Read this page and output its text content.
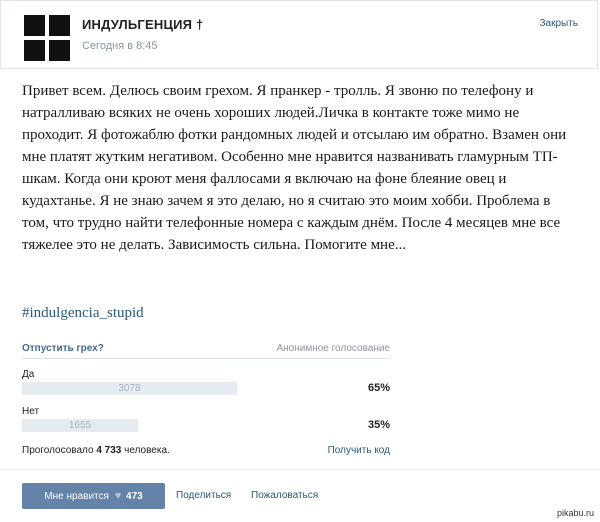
ИНДУЛЬГЕНЦИЯ †
Сегодня в 8:45
Закрыть
Привет всем. Делюсь своим грехом. Я пранкер - тролль. Я звоню по телефону и натралливаю всяких не очень хороших людей.Личка в контакте тоже мимо не проходит. Я фотожаблю фотки рандомных людей и отсылаю им обратно. Взамен они мне платят жутким негативом. Особенно мне нравится названивать гламурным ТП-шкам. Когда они кроют меня фаллосами я включаю на фоне блеяние овец и кудахтанье. Я не знаю зачем я это делаю, но я считаю это моим хобби. Проблема в том, что трудно найти телефонные номера с каждым днём. После 4 месяцев мне все тяжелее это не делать. Зависимость сильна. Помогите мне...
#indulgencia_stupid
Отпустить грех?	Анонимное голосование
Да
3078	65%
Нет
1655	35%
Проголосовало 4 733 человека.	Получить код
Мне нравится ♥ 473	Поделиться Пожаловаться
pikabu.ru
